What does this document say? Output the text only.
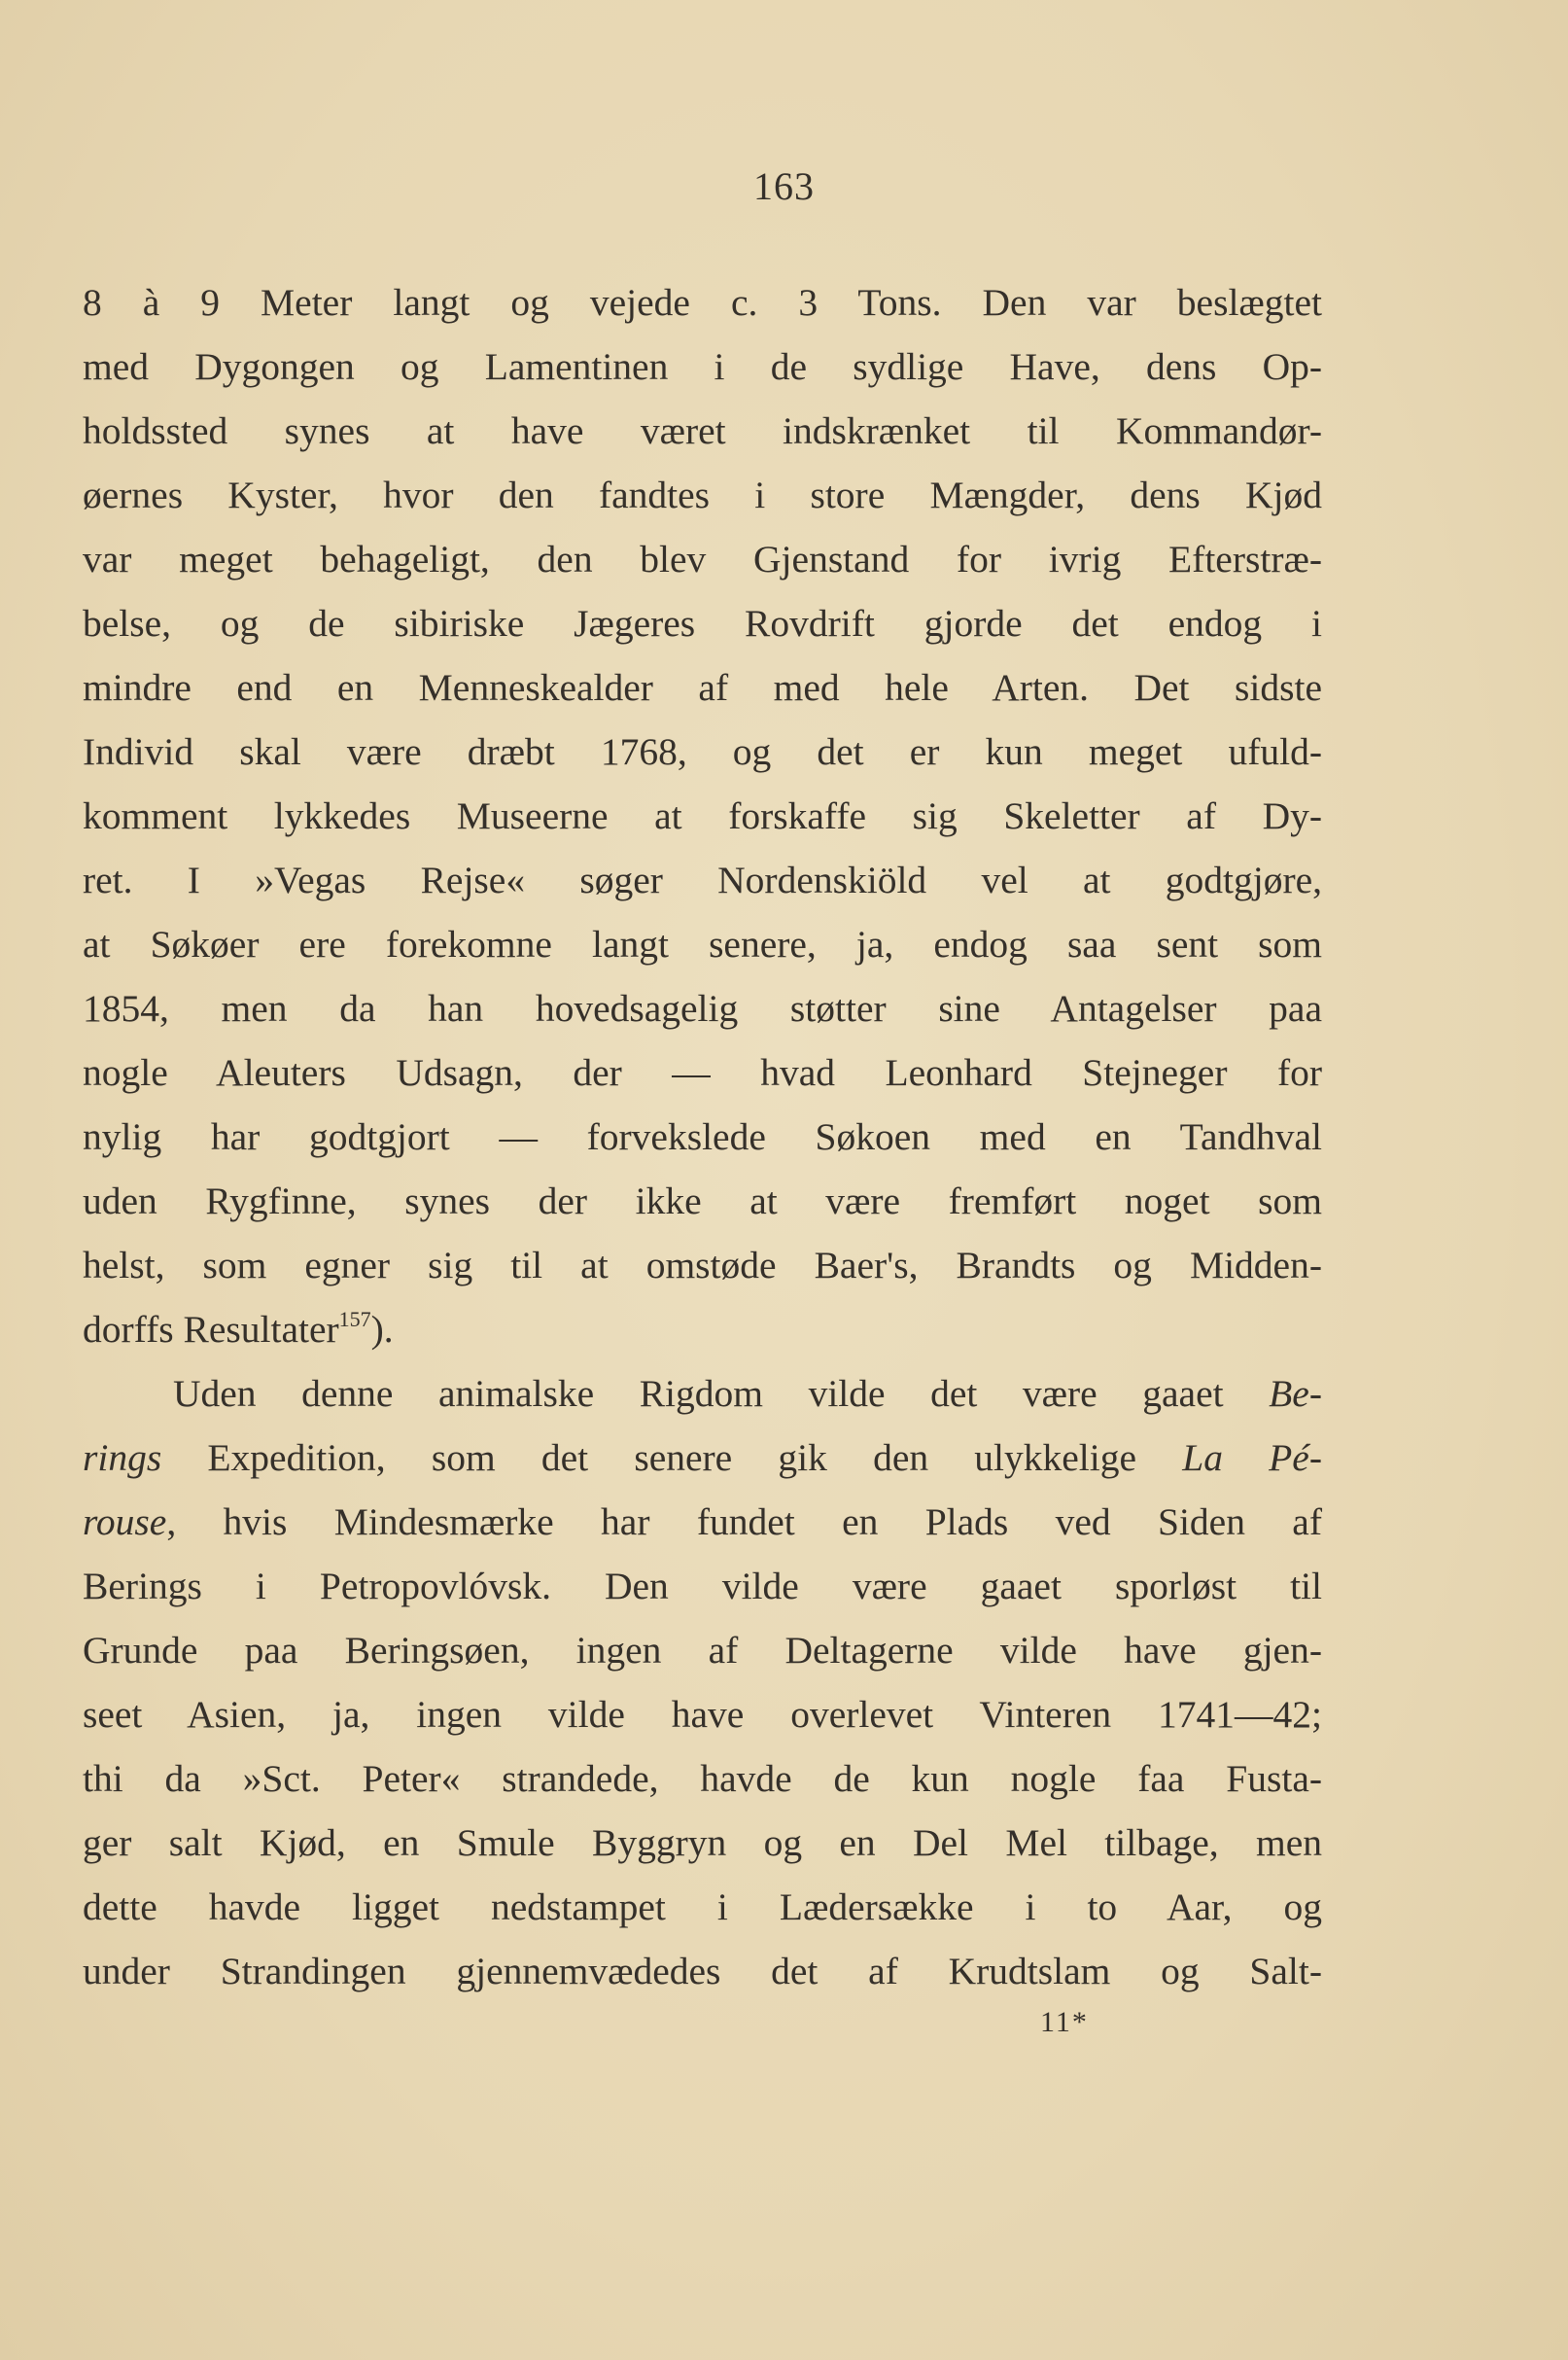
163
8 à 9 Meter langt og vejede c. 3 Tons. Den var beslægtet
med Dygongen og Lamentinen i de sydlige Have, dens Op-
holdssted synes at have været indskrænket til Kommandør-
øernes Kyster, hvor den fandtes i store Mængder, dens Kjød
var meget behageligt, den blev Gjenstand for ivrig Efterstræ-
belse, og de sibiriske Jægeres Rovdrift gjorde det endog i
mindre end en Menneskealder af med hele Arten. Det sidste
Individ skal være dræbt 1768, og det er kun meget ufuld-
komment lykkedes Museerne at forskaffe sig Skeletter af Dy-
ret. I »Vegas Rejse« søger Nordenskiöld vel at godtgjøre,
at Søkøer ere forekomne langt senere, ja, endog saa sent som
1854, men da han hovedsagelig støtter sine Antagelser paa
nogle Aleuters Udsagn, der — hvad Leonhard Stejneger for
nylig har godtgjort — forvekslede Søkoen med en Tandhval
uden Rygfinne, synes der ikke at være fremført noget som
helst, som egner sig til at omstøde Baer's, Brandts og Midden-
dorffs Resultater$^{157}$).
Uden denne animalske Rigdom vilde det være gaaet Be-
rings Expedition, som det senere gik den ulykkelige La Pé-
rouse, hvis Mindesmærke har fundet en Plads ved Siden af
Berings i Petropovlóvsk. Den vilde være gaaet sporløst til
Grunde paa Beringsøen, ingen af Deltagerne vilde have gjen-
seet Asien, ja, ingen vilde have overlevet Vinteren 1741—42;
thi da »Sct. Peter« strandede, havde de kun nogle faa Fusta-
ger salt Kjød, en Smule Byggryn og en Del Mel tilbage, men
dette havde ligget nedstampet i Lædersække i to Aar, og
under Strandingen gjennemvædedes det af Krudtslam og Salt-
11*
